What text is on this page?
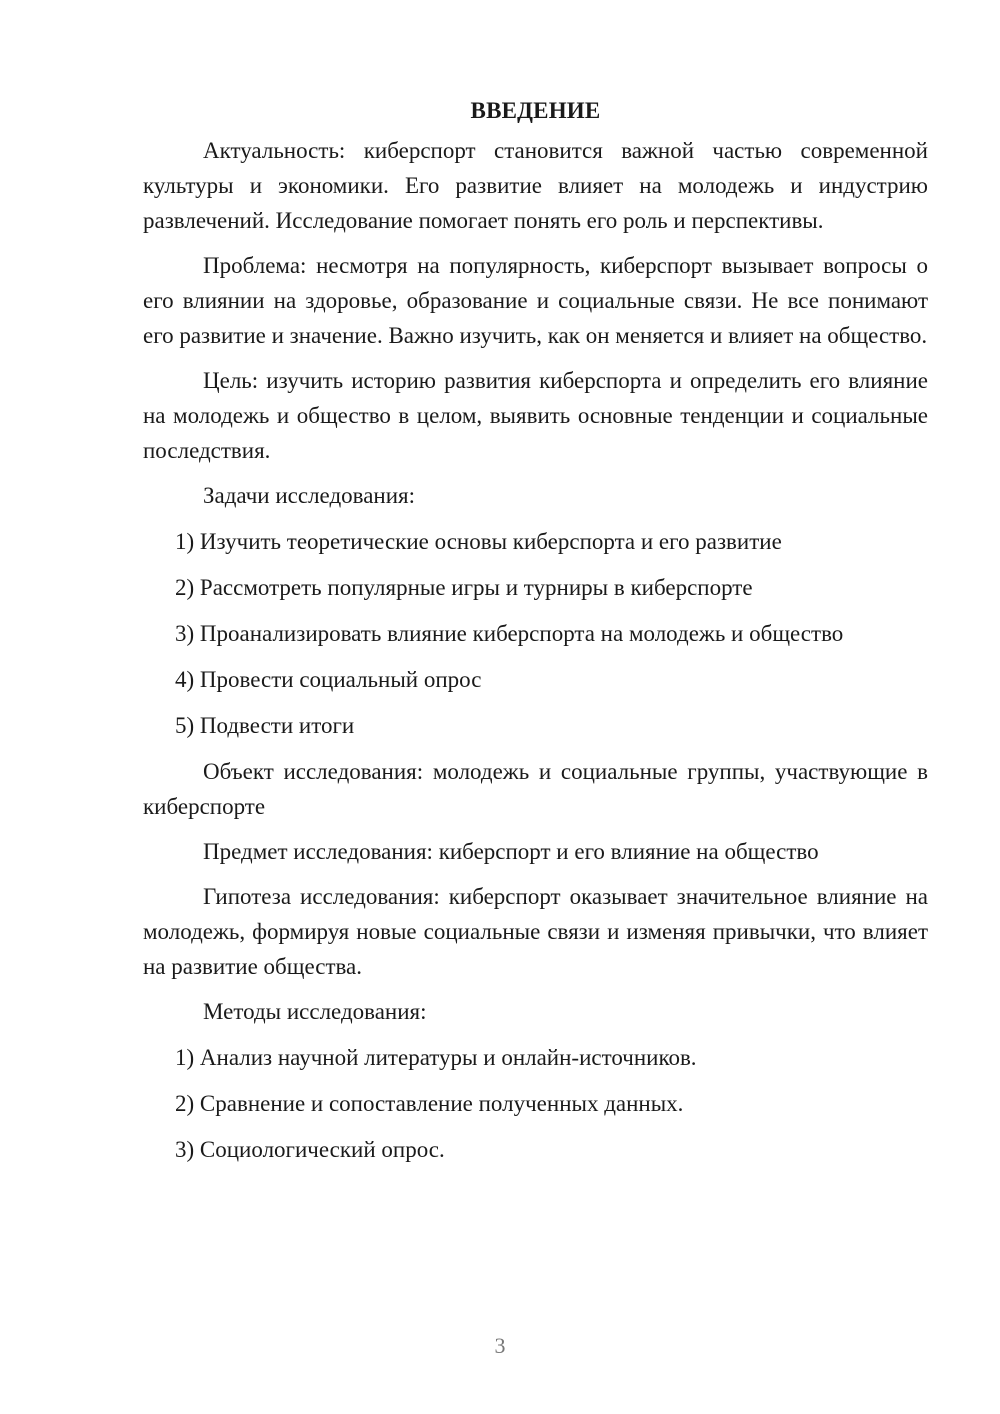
ВВЕДЕНИЕ

Актуальность: киберспорт становится важной частью современной культуры и экономики. Его развитие влияет на молодежь и индустрию развлечений. Исследование помогает понять его роль и перспективы.

Проблема: несмотря на популярность, киберспорт вызывает вопросы о его влиянии на здоровье, образование и социальные связи. Не все понимают его развитие и значение. Важно изучить, как он меняется и влияет на общество.

Цель: изучить историю развития киберспорта и определить его влияние на молодежь и общество в целом, выявить основные тенденции и социальные последствия.

Задачи исследования:
1) Изучить теоретические основы киберспорта и его развитие
2) Рассмотреть популярные игры и турниры в киберспорте
3) Проанализировать влияние киберспорта на молодежь и общество
4) Провести социальный опрос
5) Подвести итоги

Объект исследования: молодежь и социальные группы, участвующие в киберспорте

Предмет исследования: киберспорт и его влияние на общество

Гипотеза исследования: киберспорт оказывает значительное влияние на молодежь, формируя новые социальные связи и изменяя привычки, что влияет на развитие общества.

Методы исследования:
1) Анализ научной литературы и онлайн-источников.
2) Сравнение и сопоставление полученных данных.
3) Социологический опрос.
3
